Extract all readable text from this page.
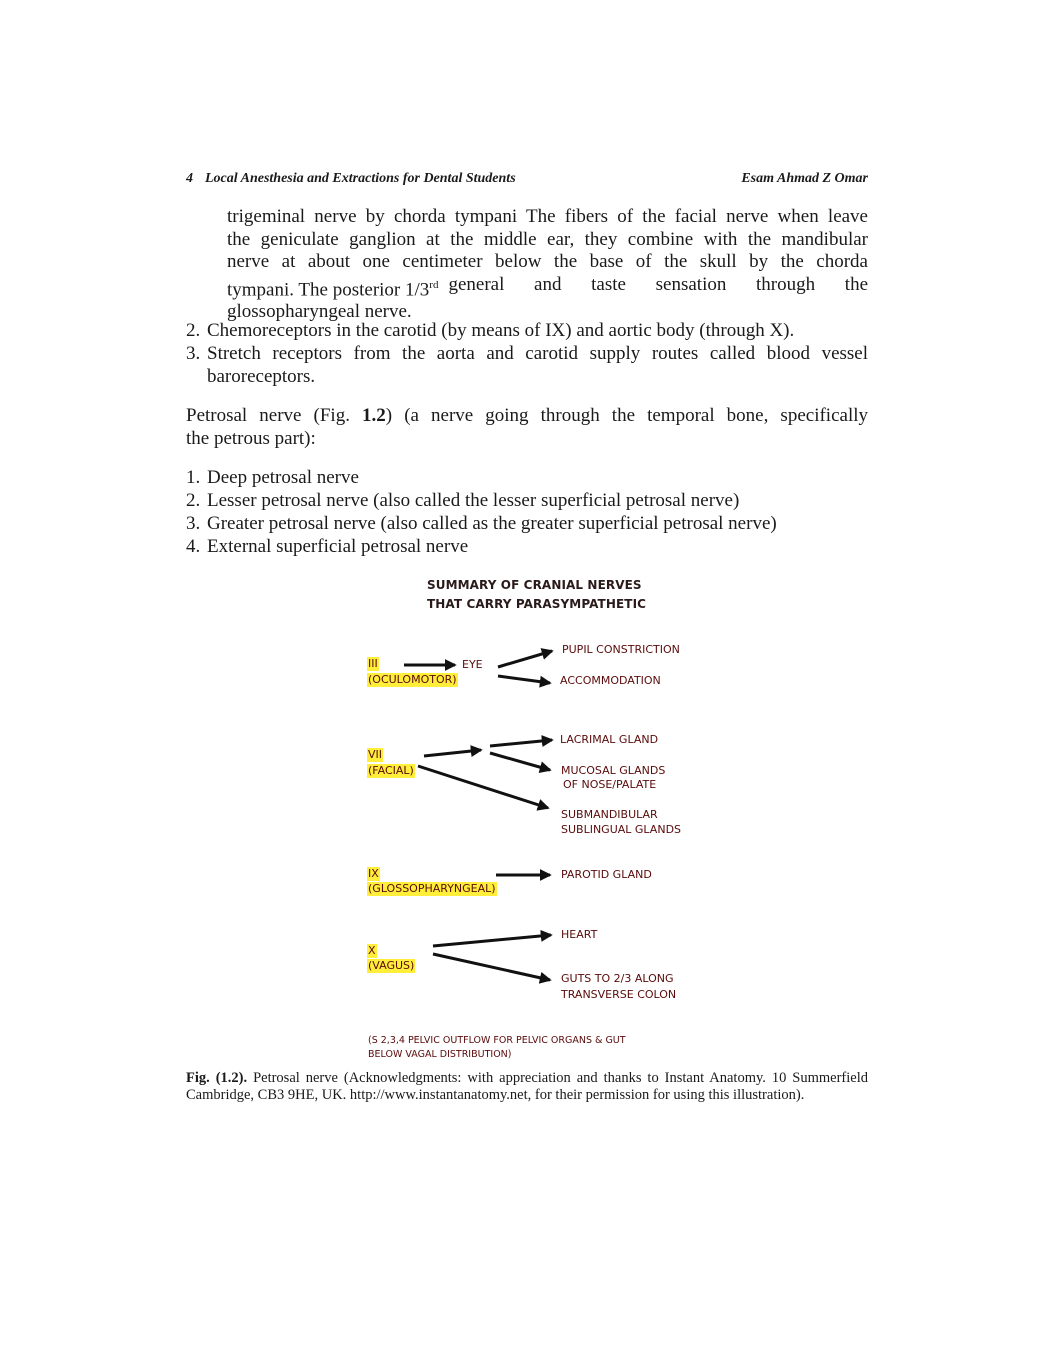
4 Local Anesthesia and Extractions for Dental Students	Esam Ahmad Z Omar
trigeminal nerve by chorda tympani The fibers of the facial nerve when leave
the geniculate ganglion at the middle ear, they combine with the mandibular
nerve at about one centimeter below the base of the skull by the chorda
tympani. The posterior 1/3rd general and taste sensation through the
glossopharyngeal nerve.
2. Chemoreceptors in the carotid (by means of IX) and aortic body (through X).
3. Stretch receptors from the aorta and carotid supply routes called blood vessel
baroreceptors.
Petrosal nerve (Fig. 1.2) (a nerve going through the temporal bone, specifically
the petrous part):
1. Deep petrosal nerve
2. Lesser petrosal nerve (also called the lesser superficial petrosal nerve)
3. Greater petrosal nerve (also called as the greater superficial petrosal nerve)
4. External superficial petrosal nerve
SUMMARY OF CRANIAL NERVES
THAT CARRY PARASYMPATHETIC
III
(OCULOMOTOR)
EYE
VII
(FACIAL)
IX
(GLOSSOPHARYNGEAL)
X
(VAGUS)
PUPIL CONSTRICTION
ACCOMMODATION
LACRIMAL GLAND
MUCOSAL GLANDS
OF NOSE/PALATE
SUBMANDIBULAR
SUBLINGUAL GLANDS
PAROTID GLAND
HEART
GUTS TO 2/3 ALONG
TRANSVERSE COLON
(S 2,3,4 PELVIC OUTFLOW FOR PELVIC ORGANS & GUT
BELOW VAGAL DISTRIBUTION)
Fig. (1.2). Petrosal nerve (Acknowledgments: with appreciation and thanks to Instant Anatomy. 10 Summerfield Cambridge, CB3 9HE, UK. http://www.instantanatomy.net, for their permission for using this illustration).
